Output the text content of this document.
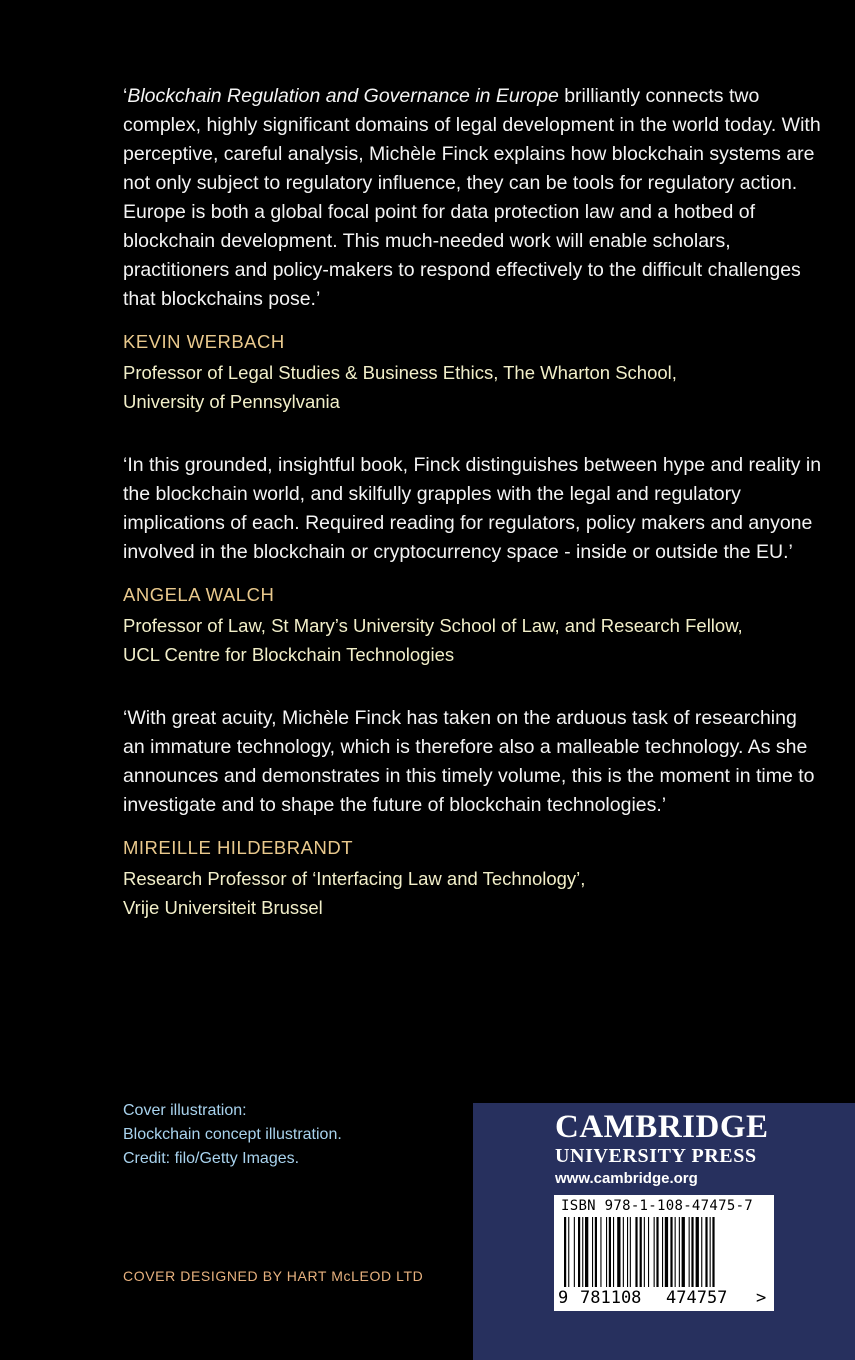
‘Blockchain Regulation and Governance in Europe brilliantly connects two complex, highly significant domains of legal development in the world today. With perceptive, careful analysis, Michèle Finck explains how blockchain systems are not only subject to regulatory influence, they can be tools for regulatory action. Europe is both a global focal point for data protection law and a hotbed of blockchain development. This much-needed work will enable scholars, practitioners and policy-makers to respond effectively to the difficult challenges that blockchains pose.’

KEVIN WERBACH

Professor of Legal Studies & Business Ethics, The Wharton School,

University of Pennsylvania

‘In this grounded, insightful book, Finck distinguishes between hype and reality in the blockchain world, and skilfully grapples with the legal and regulatory implications of each. Required reading for regulators, policy makers and anyone involved in the blockchain or cryptocurrency space - inside or outside the EU.’

ANGELA WALCH

Professor of Law, St Mary’s University School of Law, and Research Fellow,

UCL Centre for Blockchain Technologies

‘With great acuity, Michèle Finck has taken on the arduous task of researching an immature technology, which is therefore also a malleable technology. As she announces and demonstrates in this timely volume, this is the moment in time to investigate and to shape the future of blockchain technologies.’

MIREILLE HILDEBRANDT

Research Professor of ‘Interfacing Law and Technology’,

Vrije Universiteit Brussel

Cover illustration:
Blockchain concept illustration.
Credit: filo/Getty Images.
COVER DESIGNED BY HART McLEOD LTD
CAMBRIDGE
UNIVERSITY PRESS
www.cambridge.org
ISBN 978-1-108-47475-7
9 781108 474757 >
